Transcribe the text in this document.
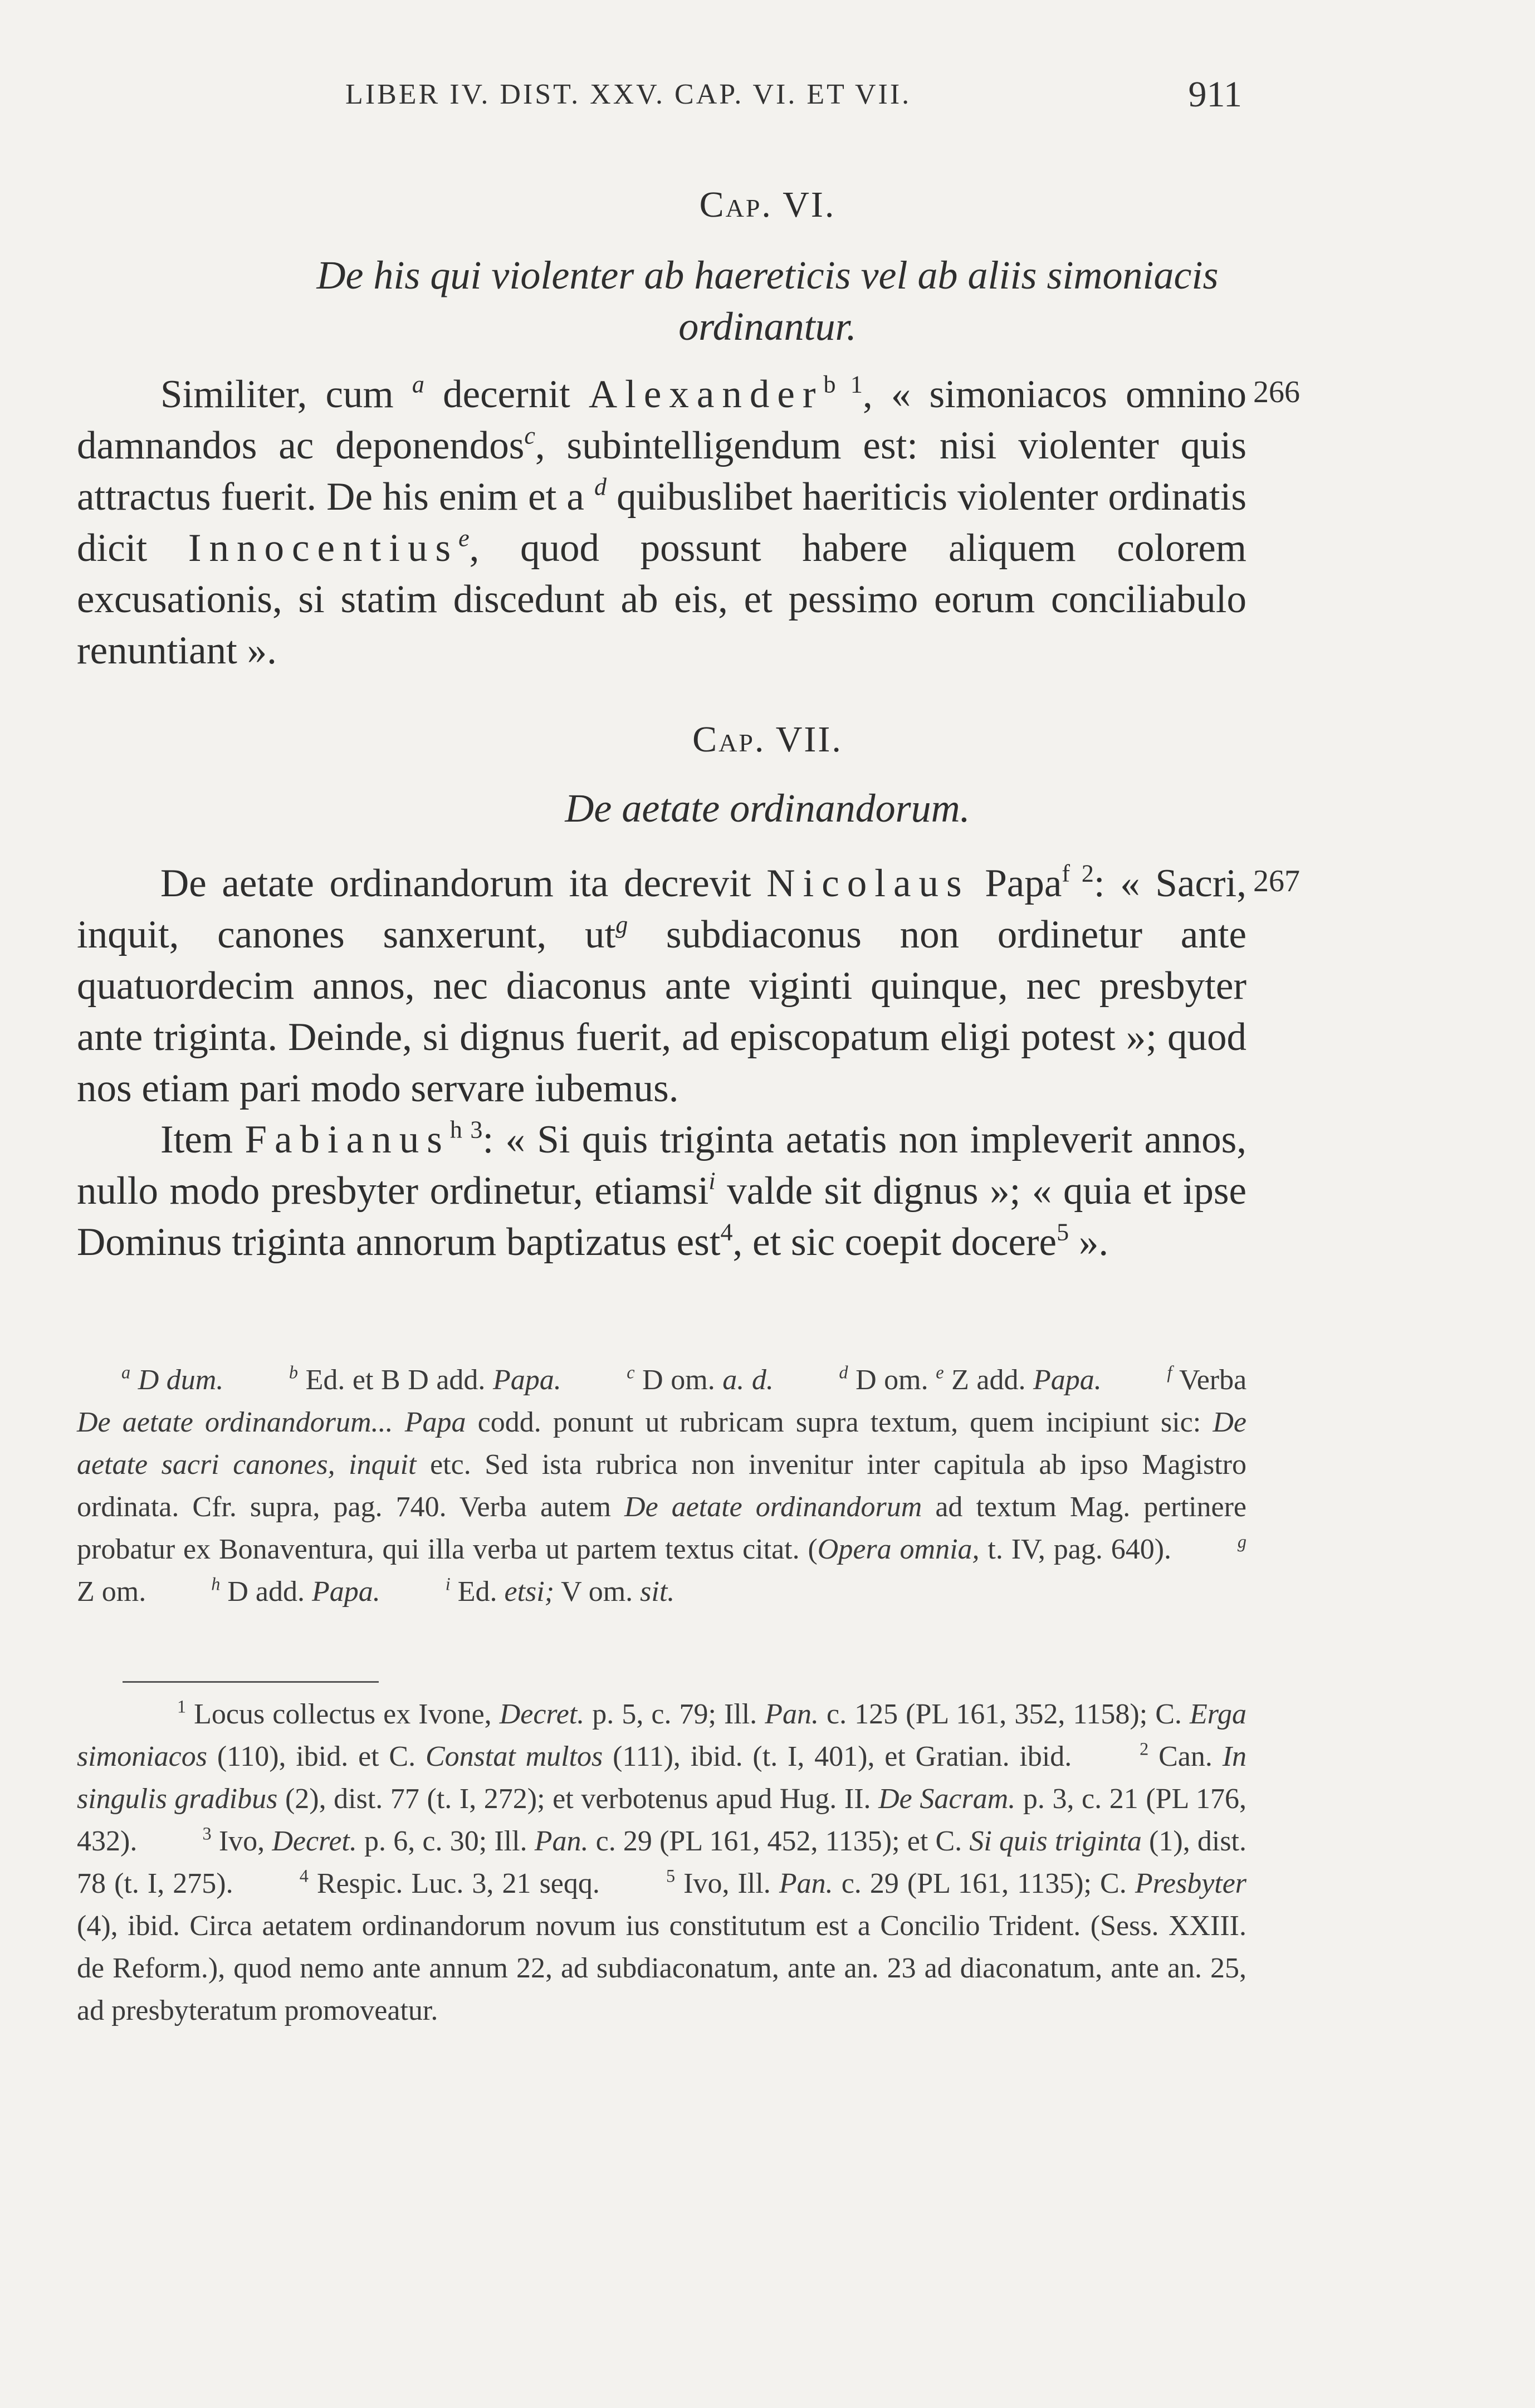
LIBER IV. DIST. XXV. CAP. VI. ET VII.	911
Cap. VI.
De his qui violenter ab haereticis vel ab aliis simoniacis
ordinantur.
266

Similiter, cum $^a$ decernit Alexander$^{b 1}$, « simoniacos omnino damnandos ac deponendos$^c$, subintelligendum est: nisi violenter quis attractus fuerit. De his enim et a $^d$ quibuslibet haeriticis violenter ordinatis dicit Innocentius$^e$, quod possunt habere aliquem colorem excusationis, si statim discedunt ab eis, et pessimo eorum conciliabulo renuntiant ».

Cap. VII.
De aetate ordinandorum.
267

De aetate ordinandorum ita decrevit Nicolaus Papa$^{f 2}$: « Sacri, inquit, canones sanxerunt, $ut^g$ subdiaconus non ordinetur ante quatuordecim annos, nec diaconus ante viginti quinque, nec presbyter ante triginta. Deinde, si dignus fuerit, ad episcopatum eligi potest »; quod nos etiam pari modo servare iubemus.

Item Fabianus$^{h 3}$: « Si quis triginta aetatis non impleverit annos, nullo modo presbyter ordinetur, etiamsi$^i$ valde sit dignus »; « quia et ipse Dominus triginta annorum baptizatus est$^4$, et sic coepit docere$^5$ ».

$^a$ D dum.  	$^b$ Ed. et B D add. Papa.  	$^c$ D om. a. d.  	$^d$ D om. $^e$ Z add. Papa.  	$^f$ Verba De aetate ordinandorum... Papa codd. ponunt ut rubricam supra textum, quem incipiunt sic: De aetate sacri canones, inquit etc. Sed ista rubrica non invenitur inter capitula ab ipso Magistro ordinata. Cfr. supra, pag. 740. Verba autem De aetate ordinandorum ad textum Mag. pertinere probatur ex Bonaventura, qui illa verba ut partem textus citat. (Opera omnia, t. IV, pag. 640).  	$^g$ Z om.  	$^h$ D add. Papa.  	$^i$ Ed. etsi; V om. sit.

$^1$ Locus collectus ex Ivone, Decret. p. 5, c. 79; Ill. Pan. c. 125 (PL 161, 352, 1158); C. Erga simoniacos (110), ibid. et C. Constat multos (111), ibid. (t. I, 401), et Gratian. ibid.  	$^2$ Can. In singulis gradibus (2), dist. 77 (t. I, 272); et verbotenus apud Hug. II. De Sacram. p. 3, c. 21 (PL 176, 432).  	$^3$ Ivo, Decret. p. 6, c. 30; Ill. Pan. c. 29 (PL 161, 452, 1135); et C. Si quis triginta (1), dist. 78 (t. I, 275).  	$^4$ Respic. Luc. 3, 21 seqq.  	$^5$ Ivo, Ill. Pan. c. 29 (PL 161, 1135); C. Presbyter (4), ibid. Circa aetatem ordinandorum novum ius constitutum est a Concilio Trident. (Sess. XXIII. de Reform.), quod nemo ante annum 22, ad subdiaconatum, ante an. 23 ad diaconatum, ante an. 25, ad presbyteratum promoveatur.
